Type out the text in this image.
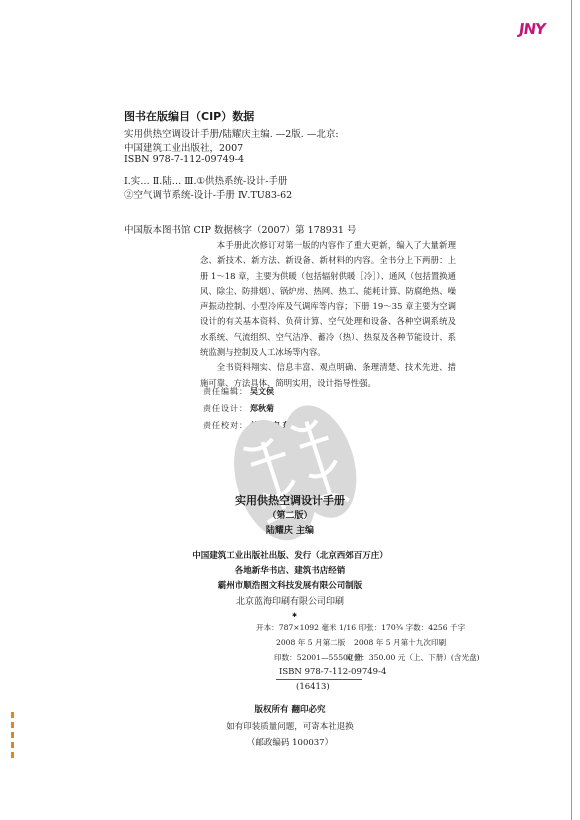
JNY
图书在版编目（CIP）数据
实用供热空调设计手册/陆耀庆主编. —2版. —北京:
中国建筑工业出版社，2007
ISBN 978-7-112-09749-4
Ⅰ.实… Ⅱ.陆… Ⅲ.①供热系统-设计-手册
②空气调节系统-设计-手册 Ⅳ.TU83-62
中国版本图书馆 CIP 数据核字（2007）第 178931 号

本手册此次修订对第一版的内容作了重大更新，编入了大量新理念、新技术、新方法、新设备、新材料的内容。全书分上下两册：上册 1～18 章，主要为供暖（包括辐射供暖［冷］）、通风（包括置换通风、除尘、防排烟）、锅炉房、热网、热工、能耗计算、防腐绝热、噪声振动控制、小型冷库及气调库等内容；下册 19～35 章主要为空调设计的有关基本资料、负荷计算、空气处理和设备、各种空调系统及水系统、气流组织、空气洁净、蓄冷（热）、热泵及各种节能设计、系统监测与控制及人工冰场等内容。

全书资料翔实、信息丰富、观点明确、条理清楚、技术先进、措施可靠、方法具体、简明实用，设计指导性强。

责任编辑： 吴文侯
责任设计： 郑秋菊
责任校对：
实用供热空调设计手册
（第二版）
陆耀庆 主编
中国建筑工业出版社出版、发行（北京西郊百万庄）
各地新华书店、建筑书店经销
霸州市顺浩图文科技发展有限公司制版
北京蓝海印刷有限公司印刷
✱
开本：787×1092 毫米 1/16 印张：170¾ 字数：4256 千字
2008 年 5 月第二版 2008 年 5 月第十九次印刷
印数：52001—55500 册
定价：350.00 元（上、下册）(含光盘)
ISBN 978-7-112-09749-4
(16413)
版权所有 翻印必究
如有印装质量问题，可寄本社退换
（邮政编码 100037）
